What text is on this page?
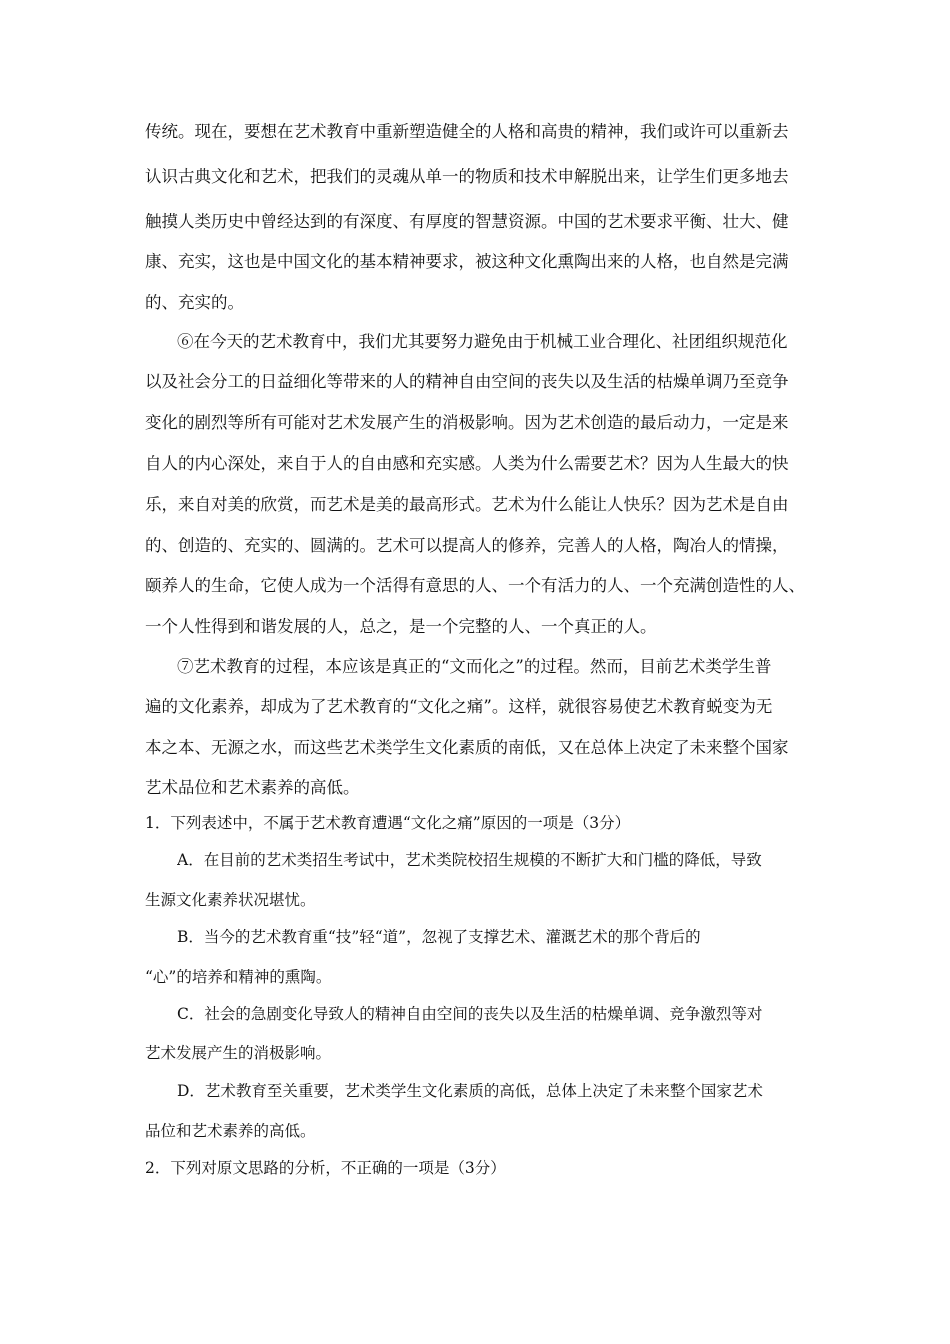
传统。现在，要想在艺术教育中重新塑造健全的人格和高贵的精神，我们或许可以重新去
认识古典文化和艺术，把我们的灵魂从单一的物质和技术申解脱出来，让学生们更多地去
触摸人类历史中曾经达到的有深度、有厚度的智慧资源。中国的艺术要求平衡、壮大、健
康、充实，这也是中国文化的基本精神要求，被这种文化熏陶出来的人格，也自然是完满
的、充实的。
⑥在今天的艺术教育中，我们尤其要努力避免由于机械工业合理化、社团组织规范化
以及社会分工的日益细化等带来的人的精神自由空间的丧失以及生活的枯燥单调乃至竞争
变化的剧烈等所有可能对艺术发展产生的消极影响。因为艺术创造的最后动力，一定是来
自人的内心深处，来自于人的自由感和充实感。人类为什么需要艺术？因为人生最大的快
乐，来自对美的欣赏，而艺术是美的最高形式。艺术为什么能让人快乐？因为艺术是自由
的、创造的、充实的、圆满的。艺术可以提高人的修养，完善人的人格，陶冶人的情操，
颐养人的生命，它使人成为一个活得有意思的人、一个有活力的人、一个充满创造性的人、
一个人性得到和谐发展的人，总之，是一个完整的人、一个真正的人。
⑦艺术教育的过程，本应该是真正的“文而化之”的过程。然而，目前艺术类学生普
遍的文化素养，却成为了艺术教育的“文化之痛”。这样，就很容易使艺术教育蜕变为无
本之本、无源之水，而这些艺术类学生文化素质的南低，又在总体上决定了未来整个国家
艺术品位和艺术素养的高低。
1．下列表述中，不属于艺术教育遭遇“文化之痛”原因的一项是（3分）
A．在目前的艺术类招生考试中，艺术类院校招生规模的不断扩大和门槛的降低，导致
生源文化素养状况堪忧。
B．当今的艺术教育重“技”轻“道”，忽视了支撑艺术、灌溉艺术的那个背后的
“心”的培养和精神的熏陶。
C．社会的急剧变化导致人的精神自由空间的丧失以及生活的枯燥单调、竞争激烈等对
艺术发展产生的消极影响。
D．艺术教育至关重要，艺术类学生文化素质的高低，总体上决定了未来整个国家艺术
品位和艺术素养的高低。
2．下列对原文思路的分析，不正确的一项是（3分）
